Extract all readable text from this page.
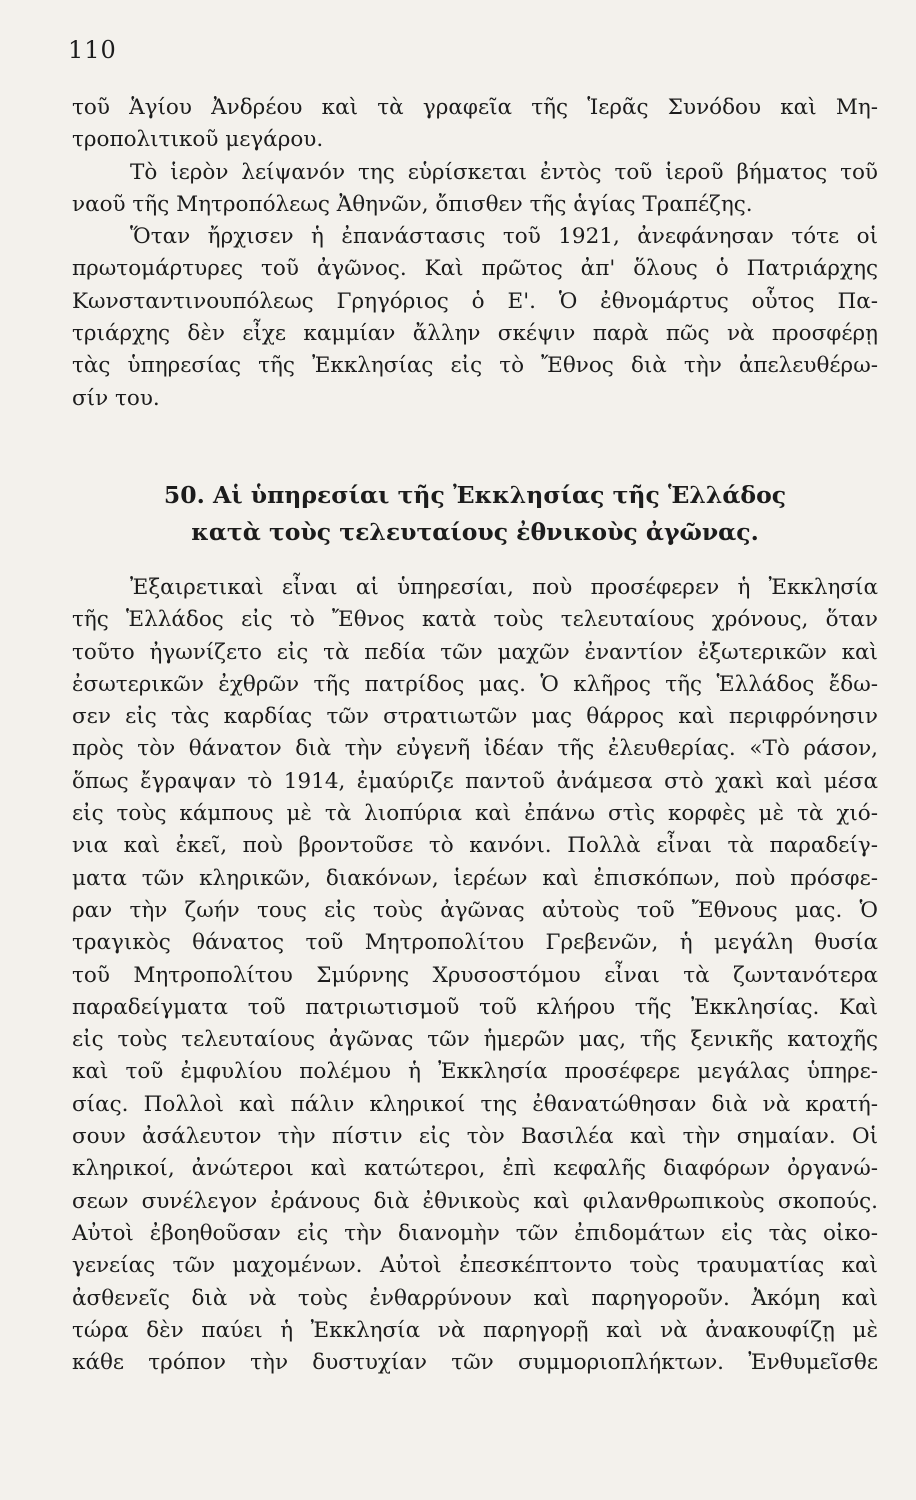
110
τοῦ Ἁγίου Ἀνδρέου καὶ τὰ γραφεῖα τῆς Ἱερᾶς Συνόδου καὶ Μη-
τροπολιτικοῦ μεγάρου.
Τὸ ἱερὸν λείψανόν της εὑρίσκεται ἐντὸς τοῦ ἱεροῦ βήματος τοῦ
ναοῦ τῆς Μητροπόλεως Ἀθηνῶν, ὄπισθεν τῆς ἁγίας Τραπέζης.
Ὅταν ἤρχισεν ἡ ἐπανάστασις τοῦ 1921, ἀνεφάνησαν τότε οἱ
πρωτομάρτυρες τοῦ ἀγῶνος. Καὶ πρῶτος ἀπ' ὅλους ὁ Πατριάρχης
Κωνσταντινουπόλεως Γρηγόριος ὁ Ε'. Ὁ ἐθνομάρτυς οὗτος Πα-
τριάρχης δὲν εἶχε καμμίαν ἄλλην σκέψιν παρὰ πῶς νὰ προσφέρῃ
τὰς ὑπηρεσίας τῆς Ἐκκλησίας εἰς τὸ Ἔθνος διὰ τὴν ἀπελευθέρω-
σίν του.
50. Αἱ ὑπηρεσίαι τῆς Ἐκκλησίας τῆς Ἑλλάδος
κατὰ τοὺς τελευταίους ἐθνικοὺς ἀγῶνας.
Ἐξαιρετικαὶ εἶναι αἱ ὑπηρεσίαι, ποὺ προσέφερεν ἡ Ἐκκλησία
τῆς Ἑλλάδος εἰς τὸ Ἔθνος κατὰ τοὺς τελευταίους χρόνους, ὅταν
τοῦτο ἠγωνίζετο εἰς τὰ πεδία τῶν μαχῶν ἐναντίον ἐξωτερικῶν καὶ
ἐσωτερικῶν ἐχθρῶν τῆς πατρίδος μας. Ὁ κλῆρος τῆς Ἑλλάδος ἔδω-
σεν εἰς τὰς καρδίας τῶν στρατιωτῶν μας θάρρος καὶ περιφρόνησιν
πρὸς τὸν θάνατον διὰ τὴν εὐγενῆ ἰδέαν τῆς ἐλευθερίας. «Τὸ ράσον,
ὅπως ἔγραψαν τὸ 1914, ἐμαύριζε παντοῦ ἀνάμεσα στὸ χακὶ καὶ μέσα
εἰς τοὺς κάμπους μὲ τὰ λιοπύρια καὶ ἐπάνω στὶς κορφὲς μὲ τὰ χιό-
νια καὶ ἐκεῖ, ποὺ βροντοῦσε τὸ κανόνι. Πολλὰ εἶναι τὰ παραδείγ-
ματα τῶν κληρικῶν, διακόνων, ἱερέων καὶ ἐπισκόπων, ποὺ πρόσφε-
ραν τὴν ζωήν τους εἰς τοὺς ἀγῶνας αὐτοὺς τοῦ Ἔθνους μας. Ὁ
τραγικὸς θάνατος τοῦ Μητροπολίτου Γρεβενῶν, ἡ μεγάλη θυσία
τοῦ Μητροπολίτου Σμύρνης Χρυσοστόμου εἶναι τὰ ζωντανότερα
παραδείγματα τοῦ πατριωτισμοῦ τοῦ κλήρου τῆς Ἐκκλησίας. Καὶ
εἰς τοὺς τελευταίους ἀγῶνας τῶν ἡμερῶν μας, τῆς ξενικῆς κατοχῆς
καὶ τοῦ ἐμφυλίου πολέμου ἡ Ἐκκλησία προσέφερε μεγάλας ὑπηρε-
σίας. Πολλοὶ καὶ πάλιν κληρικοί της ἐθανατώθησαν διὰ νὰ κρατή-
σουν ἀσάλευτον τὴν πίστιν εἰς τὸν Βασιλέα καὶ τὴν σημαίαν. Οἱ
κληρικοί, ἀνώτεροι καὶ κατώτεροι, ἐπὶ κεφαλῆς διαφόρων ὀργανώ-
σεων συνέλεγον ἐράνους διὰ ἐθνικοὺς καὶ φιλανθρωπικοὺς σκοπούς.
Αὐτοὶ ἐβοηθοῦσαν εἰς τὴν διανομὴν τῶν ἐπιδομάτων εἰς τὰς οἰκο-
γενείας τῶν μαχομένων. Αὐτοὶ ἐπεσκέπτοντο τοὺς τραυματίας καὶ
ἀσθενεῖς διὰ νὰ τοὺς ἐνθαρρύνουν καὶ παρηγοροῦν. Ἀκόμη καὶ
τώρα δὲν παύει ἡ Ἐκκλησία νὰ παρηγορῇ καὶ νὰ ἀνακουφίζῃ μὲ
κάθε τρόπον τὴν δυστυχίαν τῶν συμμοριοπλήκτων. Ἐνθυμεῖσθε
